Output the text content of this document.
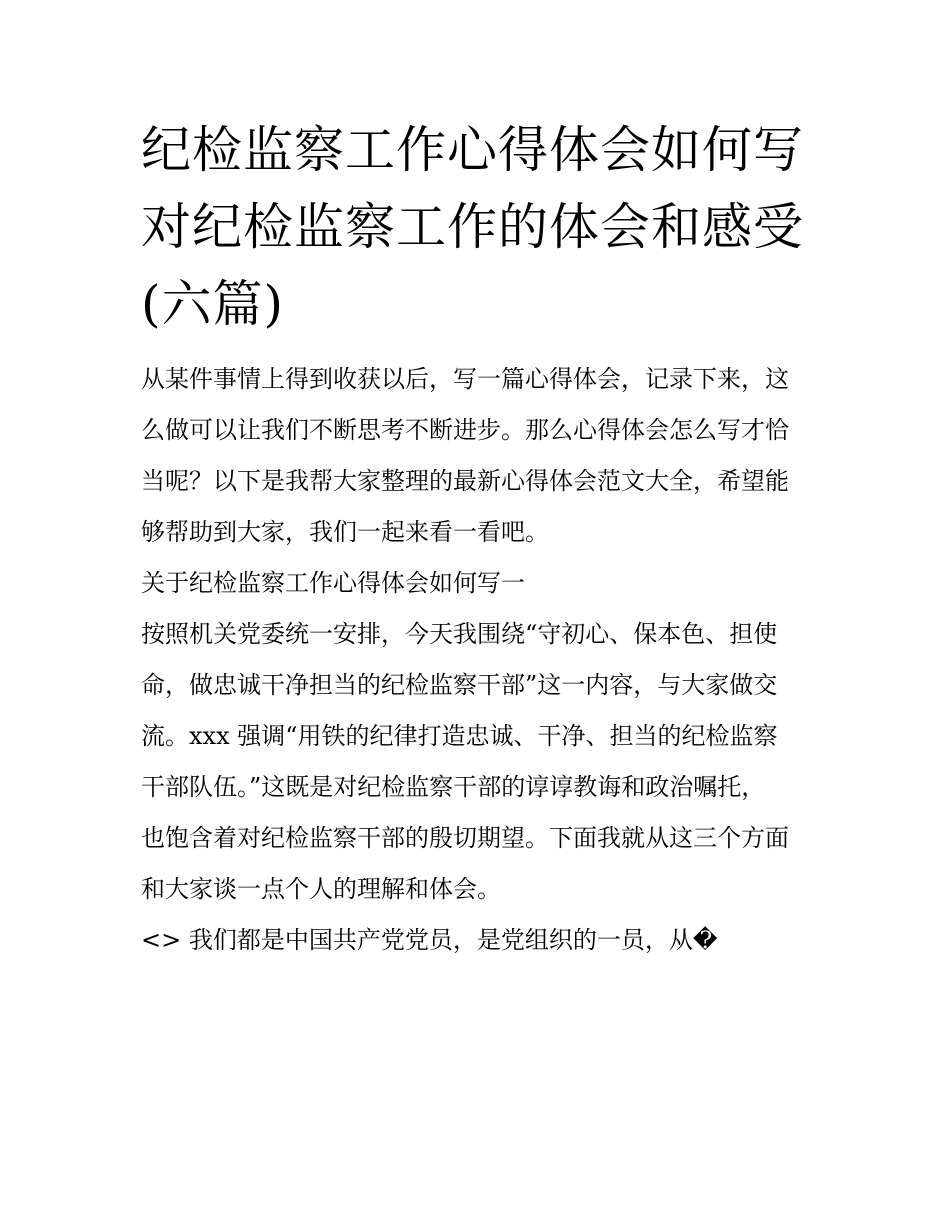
纪检监察工作心得体会如何写
对纪检监察工作的体会和感受
(六篇)

从某件事情上得到收获以后，写一篇心得体会，记录下来，这
么做可以让我们不断思考不断进步。那么心得体会怎么写才恰
当呢？以下是我帮大家整理的最新心得体会范文大全，希望能
够帮助到大家，我们一起来看一看吧。

关于纪检监察工作心得体会如何写一

按照机关党委统一安排，今天我围绕“守初心、保本色、担使
命，做忠诚干净担当的纪检监察干部”这一内容，与大家做交
流。xxx 强调“用铁的纪律打造忠诚、干净、担当的纪检监察
干部队伍。”这既是对纪检监察干部的谆谆教诲和政治嘱托，
也饱含着对纪检监察干部的殷切期望。下面我就从这三个方面
和大家谈一点个人的理解和体会。

<> 我们都是中国共产党党员，是党组织的一员，从�
